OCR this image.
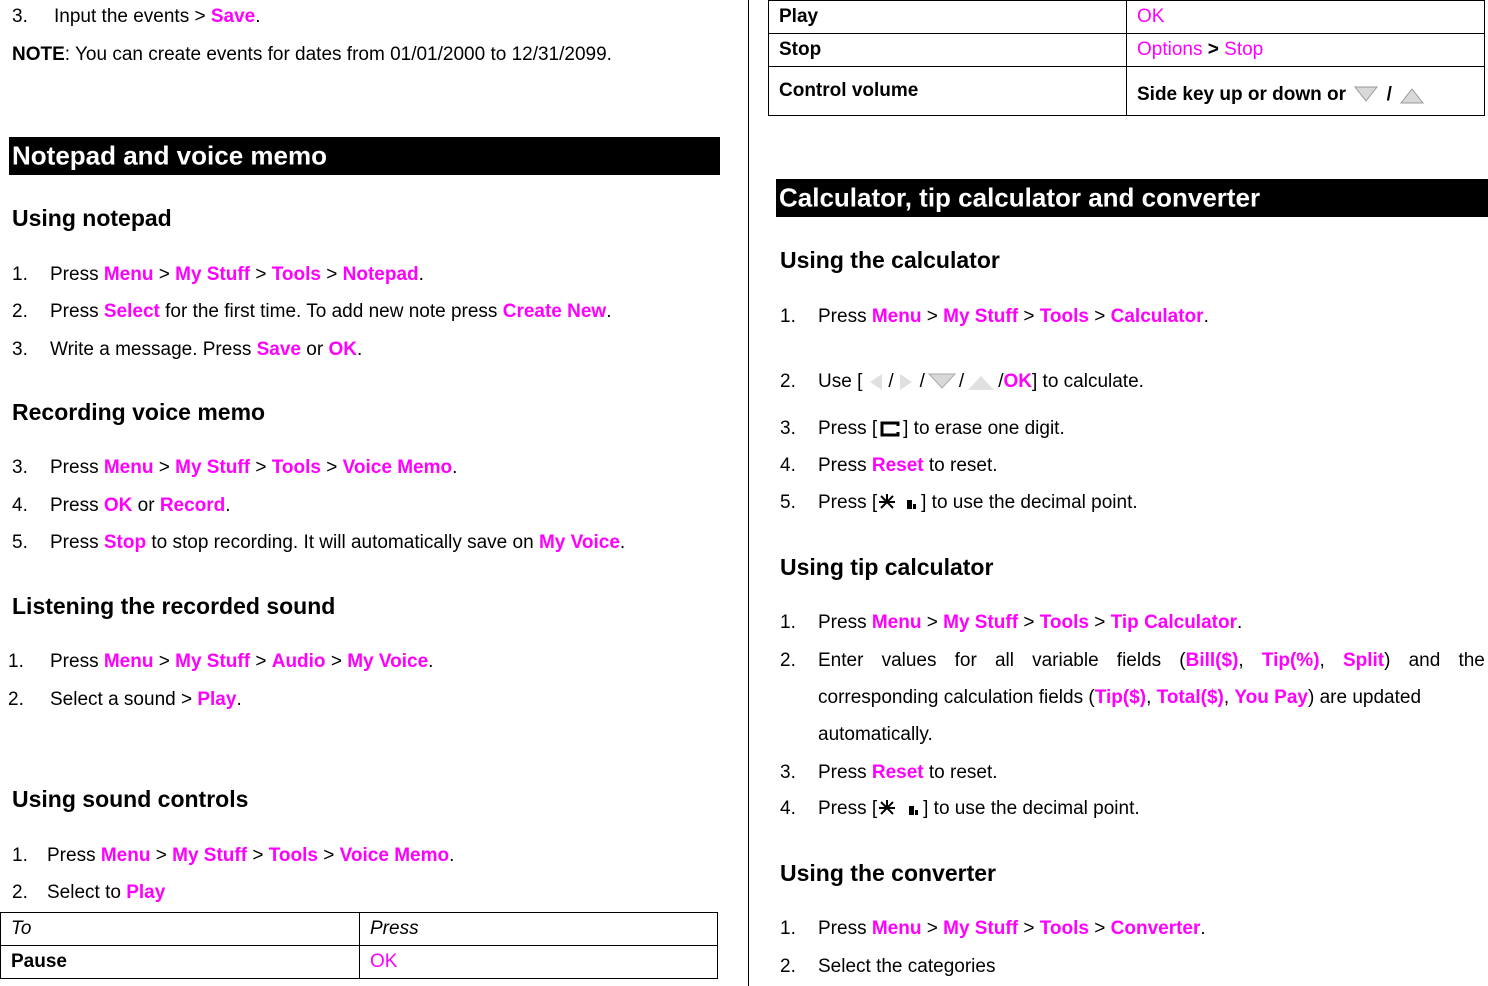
3. Input the events > Save.
NOTE: You can create events for dates from 01/01/2000 to 12/31/2099.
Notepad and voice memo
Using notepad
1. Press Menu > My Stuff > Tools > Notepad.
2. Press Select for the first time. To add new note press Create New.
3. Write a message. Press Save or OK.
Recording voice memo
3. Press Menu > My Stuff > Tools > Voice Memo.
4. Press OK or Record.
5. Press Stop to stop recording. It will automatically save on My Voice.
Listening the recorded sound
1. Press Menu > My Stuff > Audio > My Voice.
2. Select a sound > Play.
Using sound controls
1. Press Menu > My Stuff > Tools > Voice Memo.
2. Select to Play
To	Press
Pause	OK
Play	OK
Stop	Options > Stop
Control volume	Side key up or down or /
Calculator, tip calculator and converter
Using the calculator
1. Press Menu > My Stuff > Tools > Calculator.
2. Use [ / / / /OK] to calculate.
3. Press [ ] to erase one digit.
4. Press Reset to reset.
5. Press [ ] to use the decimal point.
Using tip calculator
1. Press Menu > My Stuff > Tools > Tip Calculator.
2.	Enter values for all variable fields (Bill($), Tip(%), Split) and the
corresponding calculation fields (Tip($), Total($), You Pay) are updated
automatically.
3. Press Reset to reset.
4. Press [ ] to use the decimal point.
Using the converter
1. Press Menu > My Stuff > Tools > Converter.
2. Select the categories
